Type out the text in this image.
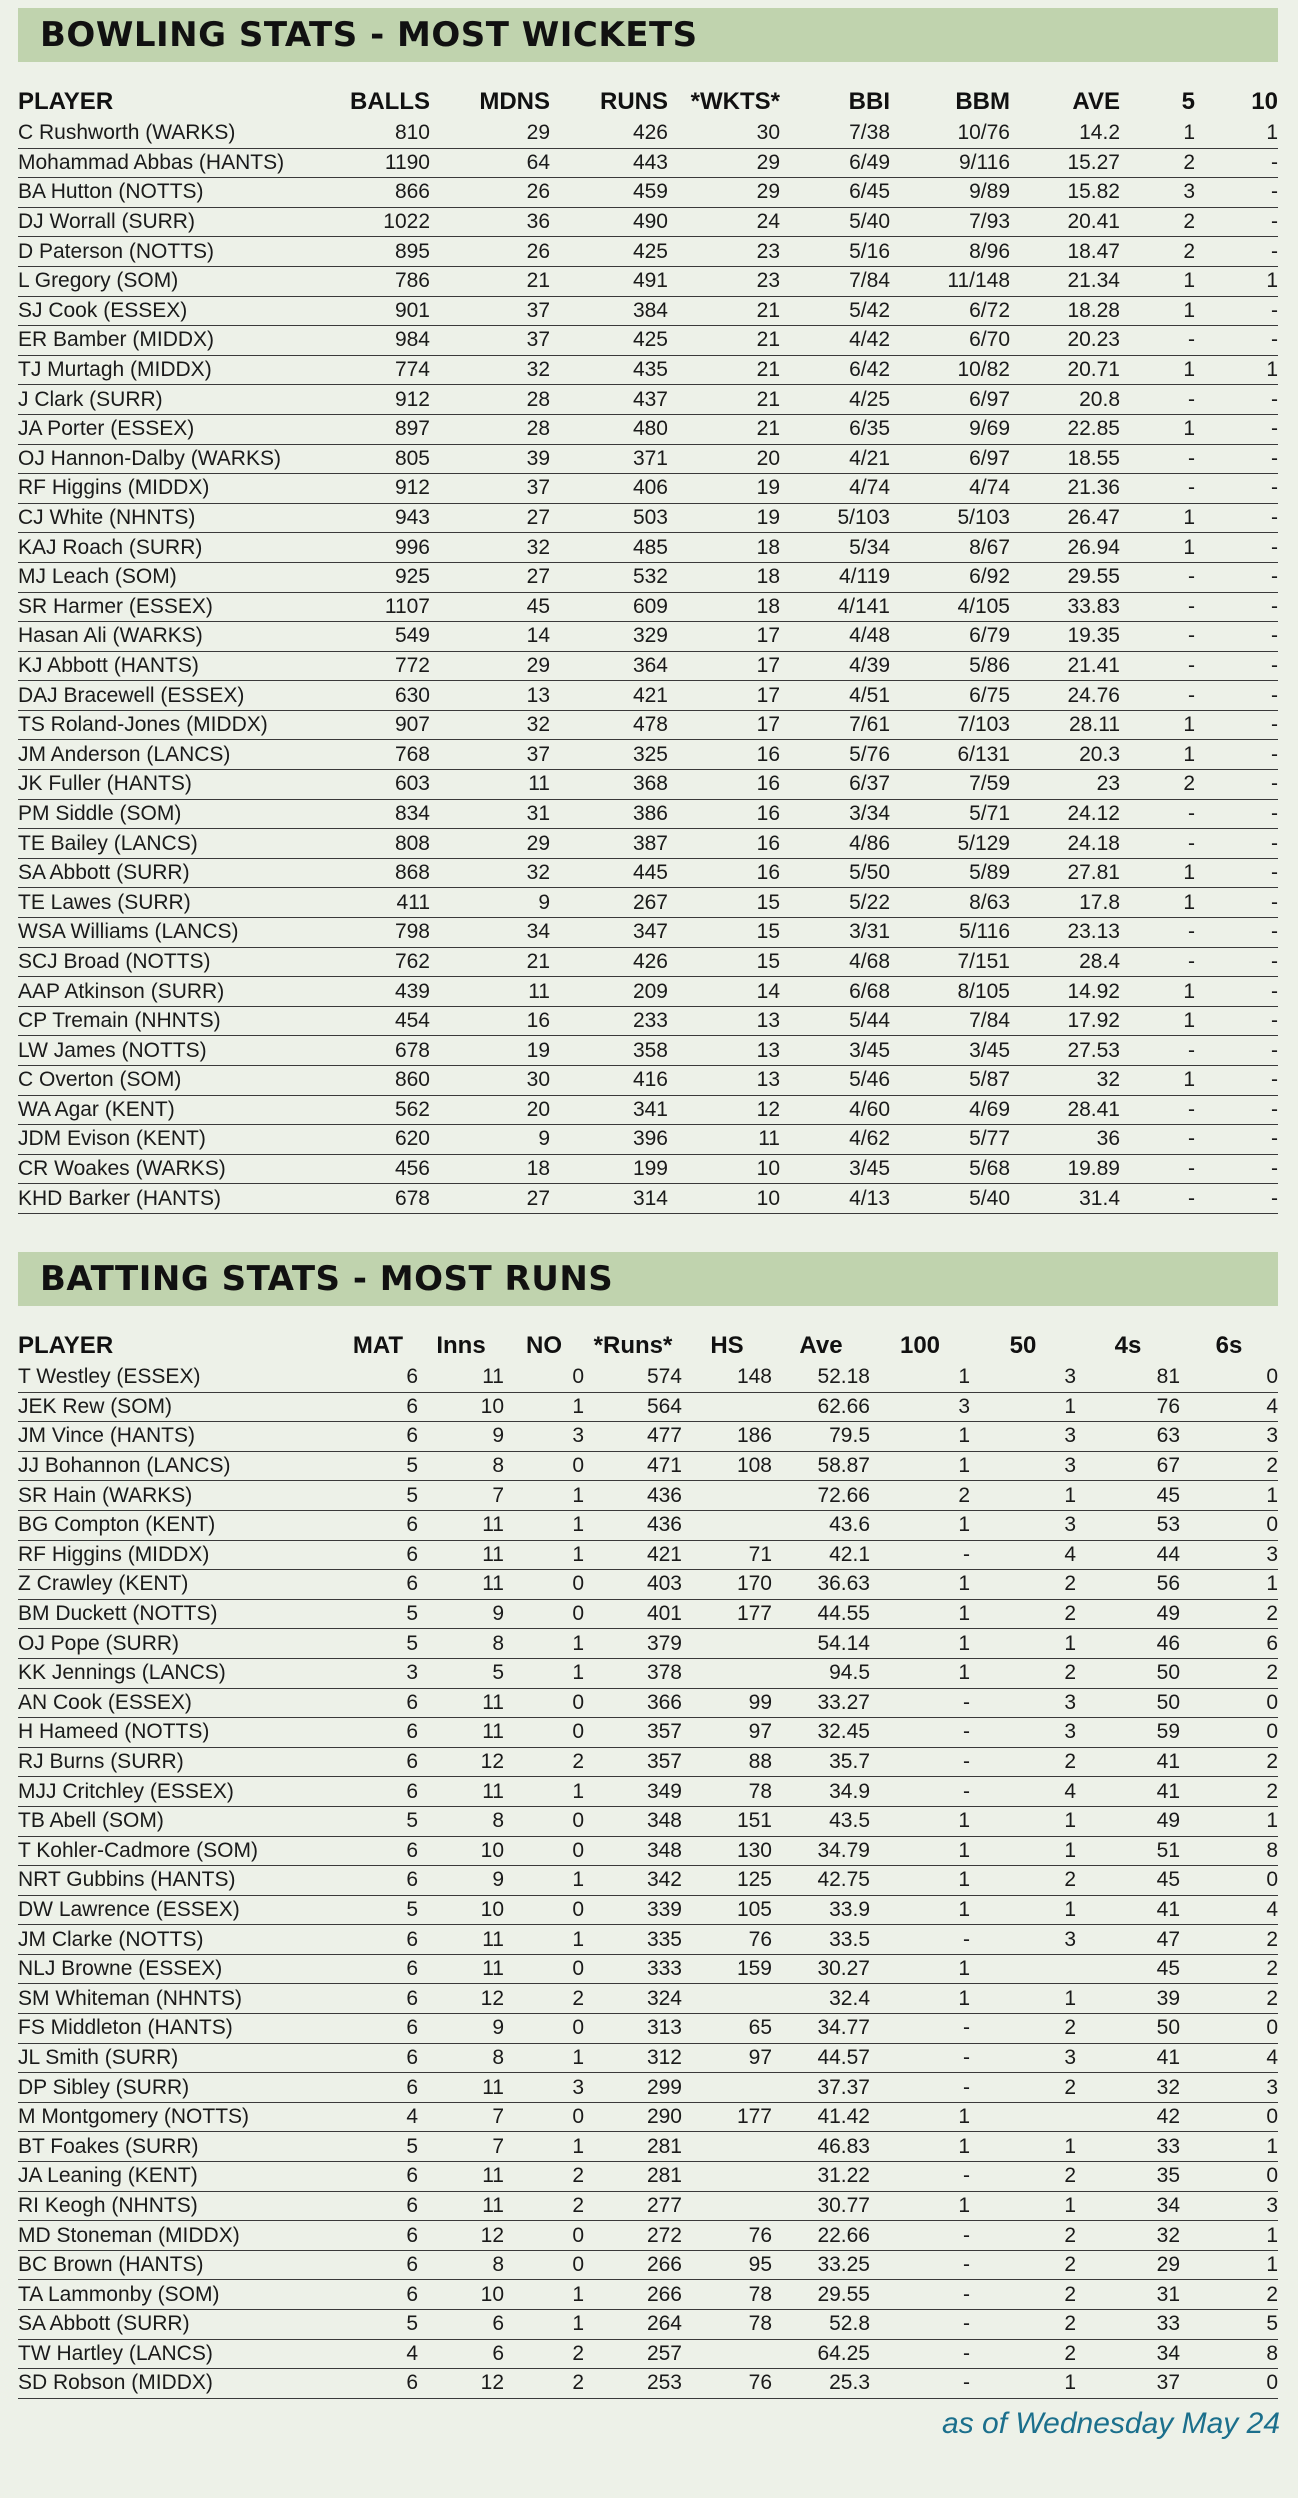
BOWLING STATS - MOST WICKETS
PLAYER	BALLS	MDNS	RUNS	*WKTS*	BBI	BBM	AVE	5	10
C Rushworth (WARKS)	810	29	426	30	7/38	10/76	14.2	1	1
Mohammad Abbas (HANTS)	1190	64	443	29	6/49	9/116	15.27	2	-
BA Hutton (NOTTS)	866	26	459	29	6/45	9/89	15.82	3	-
DJ Worrall (SURR)	1022	36	490	24	5/40	7/93	20.41	2	-
D Paterson (NOTTS)	895	26	425	23	5/16	8/96	18.47	2	-
L Gregory (SOM)	786	21	491	23	7/84	11/148	21.34	1	1
SJ Cook (ESSEX)	901	37	384	21	5/42	6/72	18.28	1	-
ER Bamber (MIDDX)	984	37	425	21	4/42	6/70	20.23	-	-
TJ Murtagh (MIDDX)	774	32	435	21	6/42	10/82	20.71	1	1
J Clark (SURR)	912	28	437	21	4/25	6/97	20.8	-	-
JA Porter (ESSEX)	897	28	480	21	6/35	9/69	22.85	1	-
OJ Hannon-Dalby (WARKS)	805	39	371	20	4/21	6/97	18.55	-	-
RF Higgins (MIDDX)	912	37	406	19	4/74	4/74	21.36	-	-
CJ White (NHNTS)	943	27	503	19	5/103	5/103	26.47	1	-
KAJ Roach (SURR)	996	32	485	18	5/34	8/67	26.94	1	-
MJ Leach (SOM)	925	27	532	18	4/119	6/92	29.55	-	-
SR Harmer (ESSEX)	1107	45	609	18	4/141	4/105	33.83	-	-
Hasan Ali (WARKS)	549	14	329	17	4/48	6/79	19.35	-	-
KJ Abbott (HANTS)	772	29	364	17	4/39	5/86	21.41	-	-
DAJ Bracewell (ESSEX)	630	13	421	17	4/51	6/75	24.76	-	-
TS Roland-Jones (MIDDX)	907	32	478	17	7/61	7/103	28.11	1	-
JM Anderson (LANCS)	768	37	325	16	5/76	6/131	20.3	1	-
JK Fuller (HANTS)	603	11	368	16	6/37	7/59	23	2	-
PM Siddle (SOM)	834	31	386	16	3/34	5/71	24.12	-	-
TE Bailey (LANCS)	808	29	387	16	4/86	5/129	24.18	-	-
SA Abbott (SURR)	868	32	445	16	5/50	5/89	27.81	1	-
TE Lawes (SURR)	411	9	267	15	5/22	8/63	17.8	1	-
WSA Williams (LANCS)	798	34	347	15	3/31	5/116	23.13	-	-
SCJ Broad (NOTTS)	762	21	426	15	4/68	7/151	28.4	-	-
AAP Atkinson (SURR)	439	11	209	14	6/68	8/105	14.92	1	-
CP Tremain (NHNTS)	454	16	233	13	5/44	7/84	17.92	1	-
LW James (NOTTS)	678	19	358	13	3/45	3/45	27.53	-	-
C Overton (SOM)	860	30	416	13	5/46	5/87	32	1	-
WA Agar (KENT)	562	20	341	12	4/60	4/69	28.41	-	-
JDM Evison (KENT)	620	9	396	11	4/62	5/77	36	-	-
CR Woakes (WARKS)	456	18	199	10	3/45	5/68	19.89	-	-
KHD Barker (HANTS)	678	27	314	10	4/13	5/40	31.4	-	-
BATTING STATS - MOST RUNS
PLAYER	MAT	Inns	NO	*Runs*	HS	Ave	100	50	4s	6s
T Westley (ESSEX)	6	11	0	574	148	52.18	1	3	81	0
JEK Rew (SOM)	6	10	1	564		62.66	3	1	76	4
JM Vince (HANTS)	6	9	3	477	186	79.5	1	3	63	3
JJ Bohannon (LANCS)	5	8	0	471	108	58.87	1	3	67	2
SR Hain (WARKS)	5	7	1	436		72.66	2	1	45	1
BG Compton (KENT)	6	11	1	436		43.6	1	3	53	0
RF Higgins (MIDDX)	6	11	1	421	71	42.1	-	4	44	3
Z Crawley (KENT)	6	11	0	403	170	36.63	1	2	56	1
BM Duckett (NOTTS)	5	9	0	401	177	44.55	1	2	49	2
OJ Pope (SURR)	5	8	1	379		54.14	1	1	46	6
KK Jennings (LANCS)	3	5	1	378		94.5	1	2	50	2
AN Cook (ESSEX)	6	11	0	366	99	33.27	-	3	50	0
H Hameed (NOTTS)	6	11	0	357	97	32.45	-	3	59	0
RJ Burns (SURR)	6	12	2	357	88	35.7	-	2	41	2
MJJ Critchley (ESSEX)	6	11	1	349	78	34.9	-	4	41	2
TB Abell (SOM)	5	8	0	348	151	43.5	1	1	49	1
T Kohler-Cadmore (SOM)	6	10	0	348	130	34.79	1	1	51	8
NRT Gubbins (HANTS)	6	9	1	342	125	42.75	1	2	45	0
DW Lawrence (ESSEX)	5	10	0	339	105	33.9	1	1	41	4
JM Clarke (NOTTS)	6	11	1	335	76	33.5	-	3	47	2
NLJ Browne (ESSEX)	6	11	0	333	159	30.27	1		45	2
SM Whiteman (NHNTS)	6	12	2	324		32.4	1	1	39	2
FS Middleton (HANTS)	6	9	0	313	65	34.77	-	2	50	0
JL Smith (SURR)	6	8	1	312	97	44.57	-	3	41	4
DP Sibley (SURR)	6	11	3	299		37.37	-	2	32	3
M Montgomery (NOTTS)	4	7	0	290	177	41.42	1		42	0
BT Foakes (SURR)	5	7	1	281		46.83	1	1	33	1
JA Leaning (KENT)	6	11	2	281		31.22	-	2	35	0
RI Keogh (NHNTS)	6	11	2	277		30.77	1	1	34	3
MD Stoneman (MIDDX)	6	12	0	272	76	22.66	-	2	32	1
BC Brown (HANTS)	6	8	0	266	95	33.25	-	2	29	1
TA Lammonby (SOM)	6	10	1	266	78	29.55	-	2	31	2
SA Abbott (SURR)	5	6	1	264	78	52.8	-	2	33	5
TW Hartley (LANCS)	4	6	2	257		64.25	-	2	34	8
SD Robson (MIDDX)	6	12	2	253	76	25.3	-	1	37	0
as of Wednesday May 24
